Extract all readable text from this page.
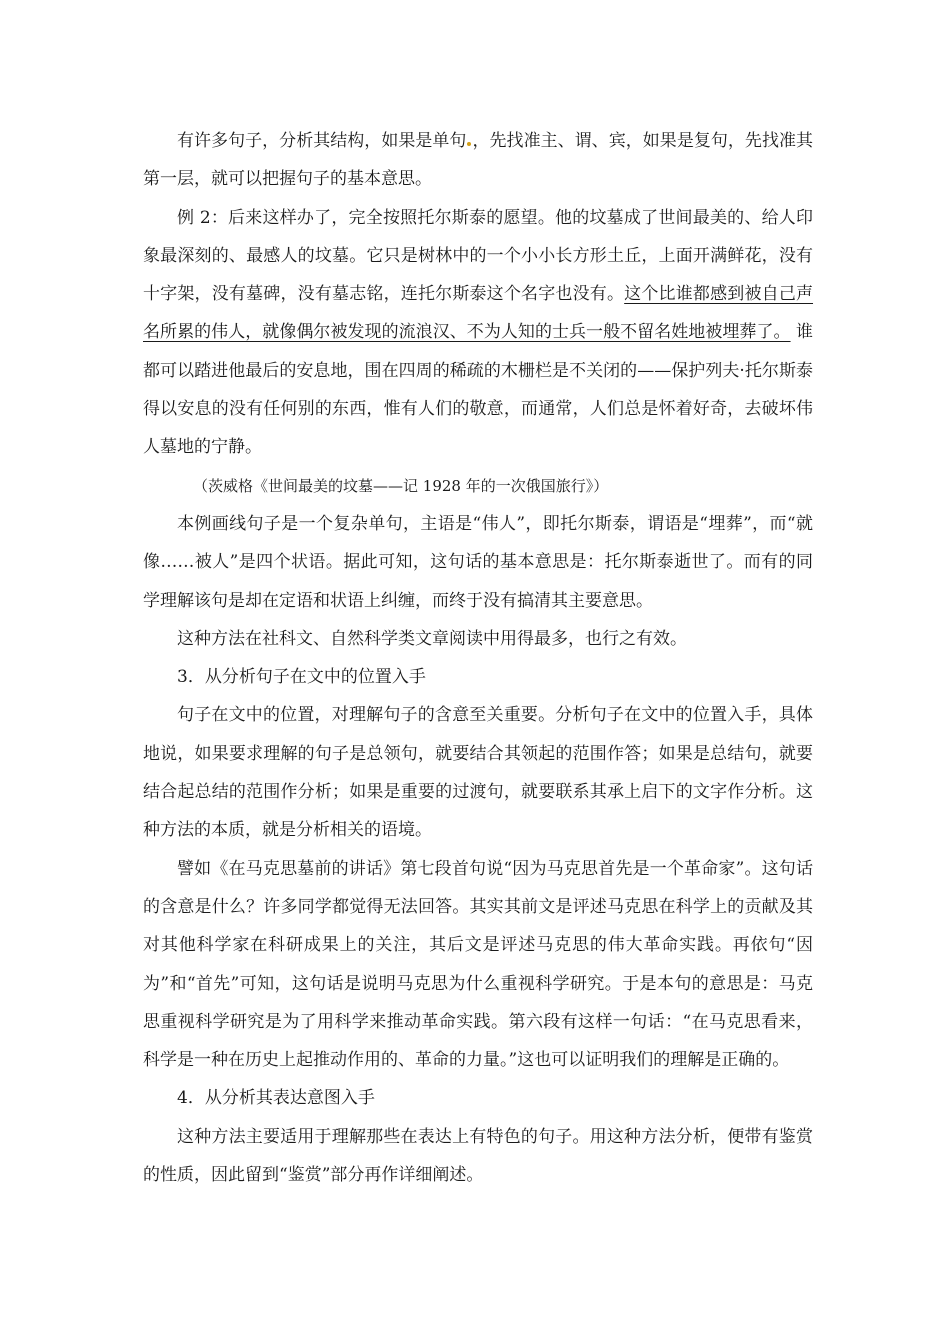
有许多句子，分析其结构，如果是单句 ，先找准主、谓、宾，如果是复句，先找准其第一层，就可以把握句子的基本意思。

例 2：后来这样办了，完全按照托尔斯泰的愿望。他的坟墓成了世间最美的、给人印象最深刻的、最感人的坟墓。它只是树林中的一个小小长方形土丘，上面开满鲜花，没有十字架，没有墓碑，没有墓志铭，连托尔斯泰这个名字也没有。这个比谁都感到被自己声名所累的伟人，就像偶尔被发现的流浪汉、不为人知的士兵一般不留名姓地被埋葬了。 谁都可以踏进他最后的安息地，围在四周的稀疏的木栅栏是不关闭的——保护列夫·托尔斯泰得以安息的没有任何别的东西，惟有人们的敬意，而通常，人们总是怀着好奇，去破坏伟人墓地的宁静。

（茨威格《世间最美的坟墓——记 1928 年的一次俄国旅行》）

本例画线句子是一个复杂单句，主语是“伟人”，即托尔斯泰，谓语是“埋葬”，而“就像……被人”是四个状语。据此可知，这句话的基本意思是：托尔斯泰逝世了。而有的同学理解该句是却在定语和状语上纠缠，而终于没有搞清其主要意思。

这种方法在社科文、自然科学类文章阅读中用得最多，也行之有效。

3．从分析句子在文中的位置入手

句子在文中的位置，对理解句子的含意至关重要。分析句子在文中的位置入手，具体地说，如果要求理解的句子是总领句，就要结合其领起的范围作答；如果是总结句，就要结合起总结的范围作分析；如果是重要的过渡句，就要联系其承上启下的文字作分析。这种方法的本质，就是分析相关的语境。

譬如《在马克思墓前的讲话》第七段首句说“因为马克思首先是一个革命家”。这句话的含意是什么？许多同学都觉得无法回答。其实其前文是评述马克思在科学上的贡献及其对其他科学家在科研成果上的关注，其后文是评述马克思的伟大革命实践。再依句“因为”和“首先”可知，这句话是说明马克思为什么重视科学研究。于是本句的意思是：马克思重视科学研究是为了用科学来推动革命实践。第六段有这样一句话：“在马克思看来，科学是一种在历史上起推动作用的、革命的力量。”这也可以证明我们的理解是正确的。

4．从分析其表达意图入手

这种方法主要适用于理解那些在表达上有特色的句子。用这种方法分析，便带有鉴赏的性质，因此留到“鉴赏”部分再作详细阐述。
